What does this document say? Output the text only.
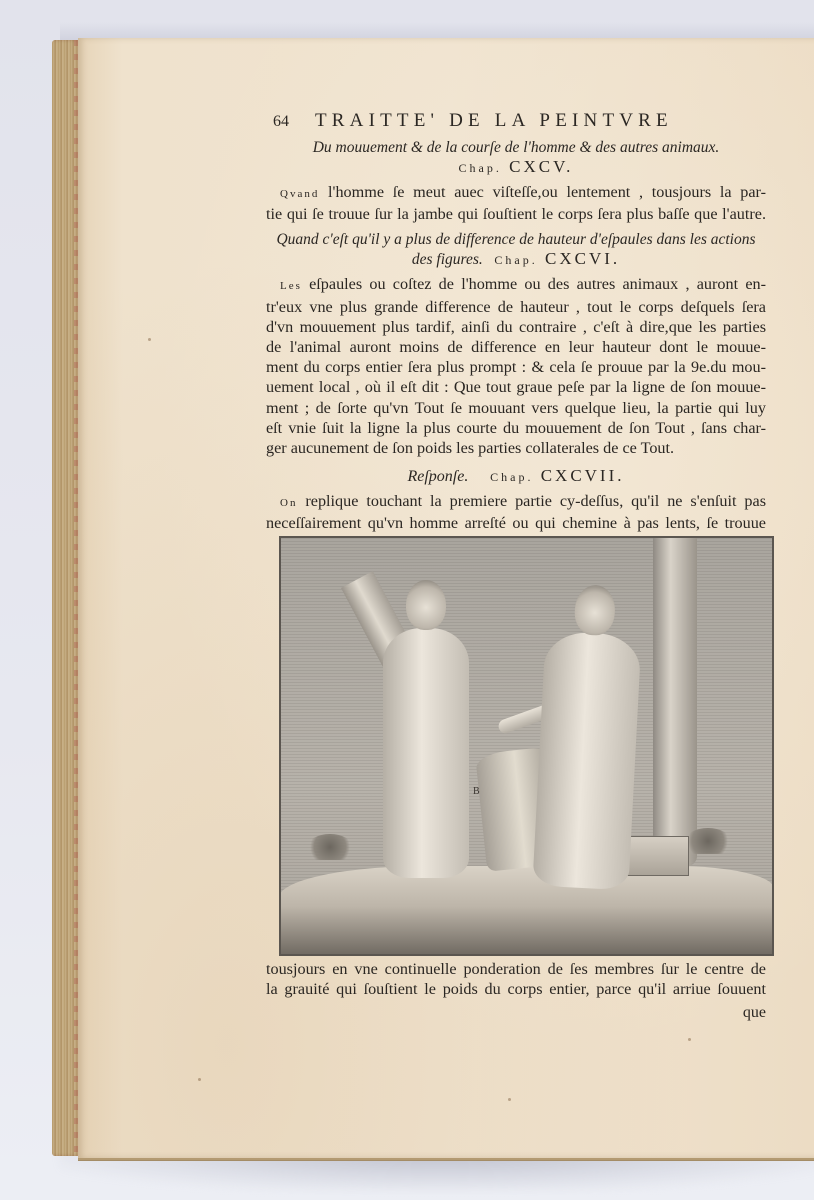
64	TRAITTE' DE LA PEINTVRE
Du mouuement & de la courſe de l'homme & des autres animaux.
Chap. CXCV.
Qvand l'homme ſe meut auec viſteſſe,ou lentement , tousjours la par-
tie qui ſe trouue ſur la jambe qui ſouſtient le corps ſera plus baſſe que l'autre.
Quand c'eſt qu'il y a plus de difference de hauteur d'eſpaules dans les actions
des figures. Chap. CXCVI.
Les eſpaules ou coſtez de l'homme ou des autres animaux , auront en-
tr'eux vne plus grande difference de hauteur , tout le corps deſquels ſera
d'vn mouuement plus tardif, ainſi du contraire , c'eſt à dire,que les parties
de l'animal auront moins de difference en leur hauteur dont le mouue-
ment du corps entier ſera plus prompt : & cela ſe prouue par la 9e.du mou-
uement local , où il eſt dit : Que tout graue peſe par la ligne de ſon mouue-
ment ; de ſorte qu'vn Tout ſe mouuant vers quelque lieu, la partie qui luy
eſt vnie ſuit la ligne la plus courte du mouuement de ſon Tout , ſans char-
ger aucunement de ſon poids les parties collaterales de ce Tout.
Reſponſe. Chap. CXCVII.
On replique touchant la premiere partie cy-deſſus, qu'il ne s'enſuit pas
neceſſairement qu'vn homme arreſté ou qui chemine à pas lents, ſe trouue
B
tousjours en vne continuelle ponderation de ſes membres ſur le centre de
la grauité qui ſouſtient le poids du corps entier, parce qu'il arriue ſouuent
que
